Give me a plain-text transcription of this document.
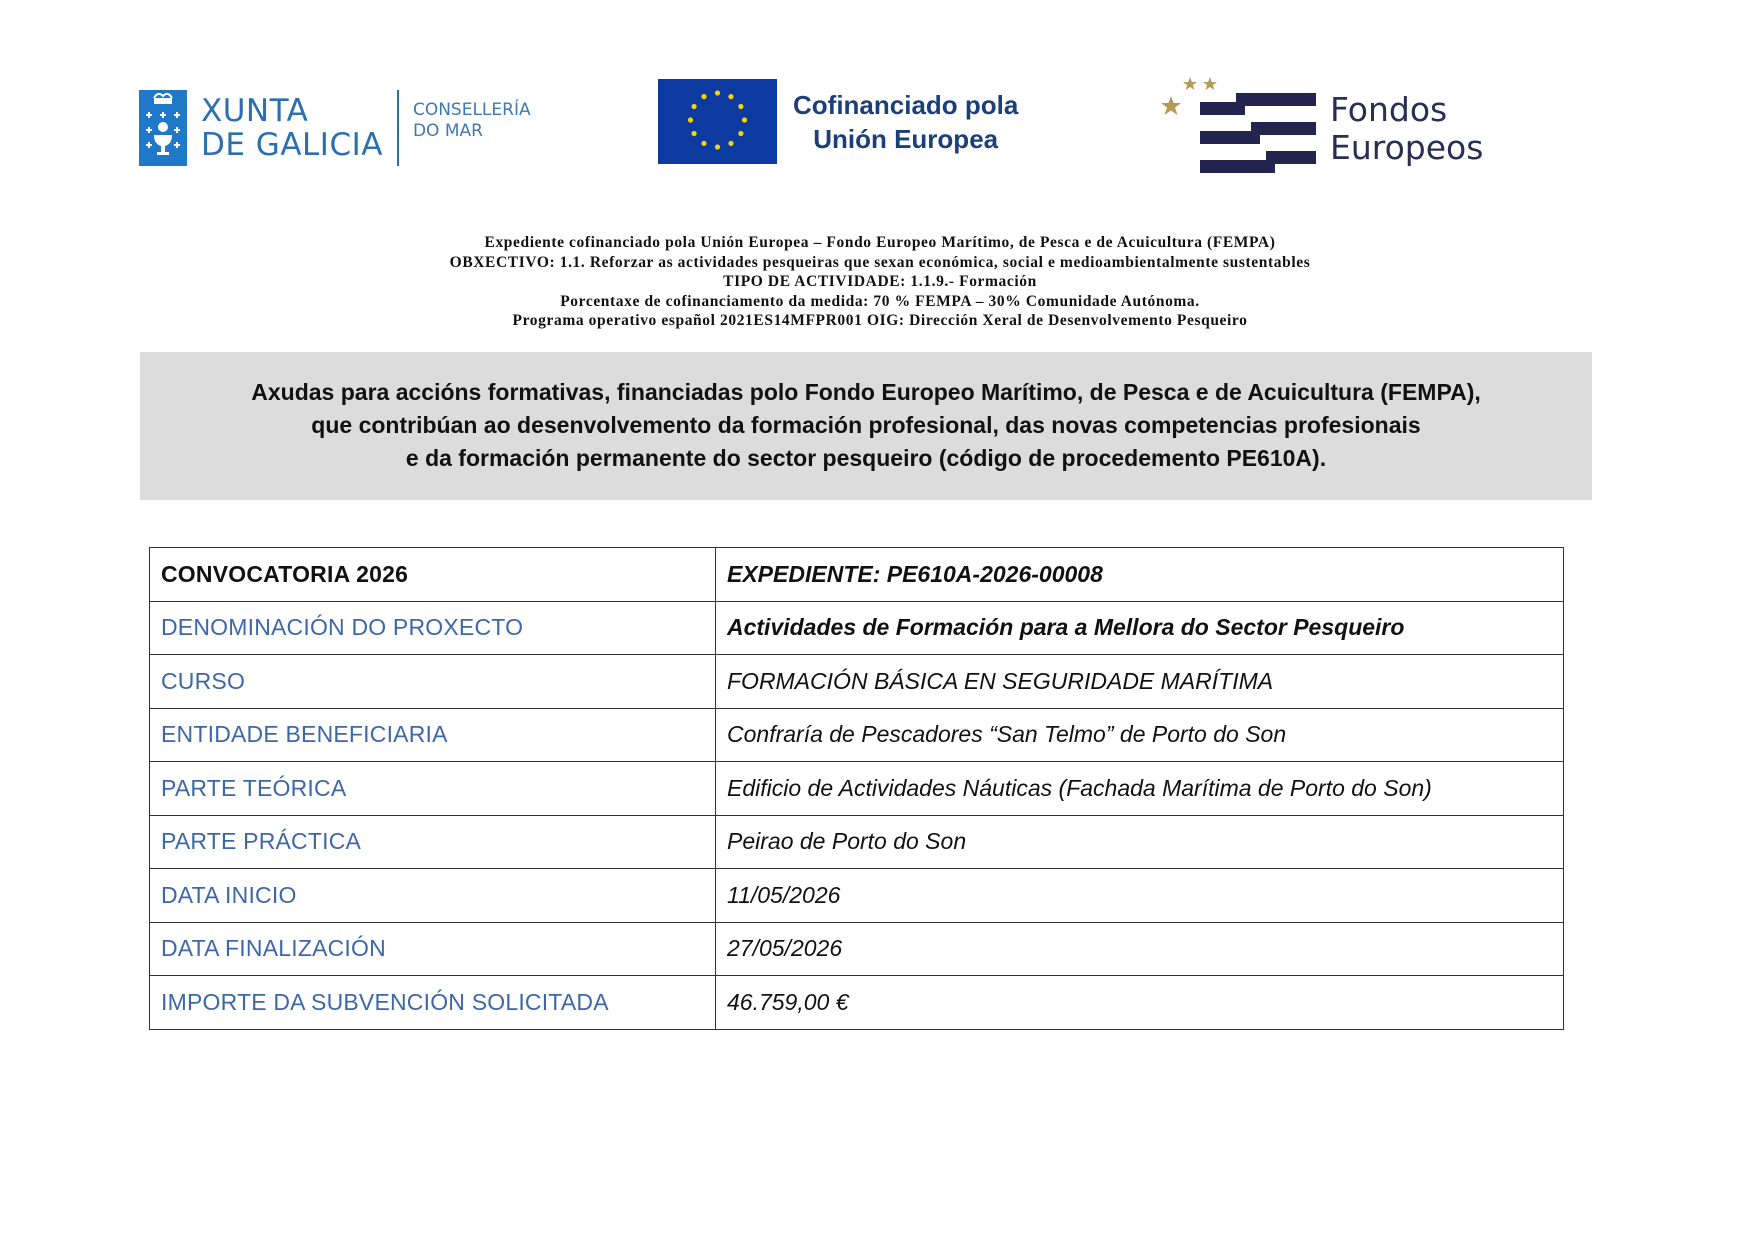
XUNTA
DE GALICIA
CONSELLERÍA
DO MAR
Cofinanciado pola
Unión Europea
Fondos
Europeos
Expediente cofinanciado pola Unión Europea – Fondo Europeo Marítimo, de Pesca e de Acuicultura (FEMPA)
OBXECTIVO: 1.1. Reforzar as actividades pesqueiras que sexan económica, social e medioambientalmente sustentables
TIPO DE ACTIVIDADE: 1.1.9.- Formación
Porcentaxe de cofinanciamento da medida: 70 % FEMPA – 30% Comunidade Autónoma.
Programa operativo español 2021ES14MFPR001 OIG: Dirección Xeral de Desenvolvemento Pesqueiro
Axudas para accións formativas, financiadas polo Fondo Europeo Marítimo, de Pesca e de Acuicultura (FEMPA),
que contribúan ao desenvolvemento da formación profesional, das novas competencias profesionais
e da formación permanente do sector pesqueiro (código de procedemento PE610A).
CONVOCATORIA 2026	EXPEDIENTE: PE610A-2026-00008
DENOMINACIÓN DO PROXECTO	Actividades de Formación para a Mellora do Sector Pesqueiro
CURSO	FORMACIÓN BÁSICA EN SEGURIDADE MARÍTIMA
ENTIDADE BENEFICIARIA	Confraría de Pescadores “San Telmo” de Porto do Son
PARTE TEÓRICA	Edificio de Actividades Náuticas (Fachada Marítima de Porto do Son)
PARTE PRÁCTICA	Peirao de Porto do Son
DATA INICIO	11/05/2026
DATA FINALIZACIÓN	27/05/2026
IMPORTE DA SUBVENCIÓN SOLICITADA	46.759,00 €
